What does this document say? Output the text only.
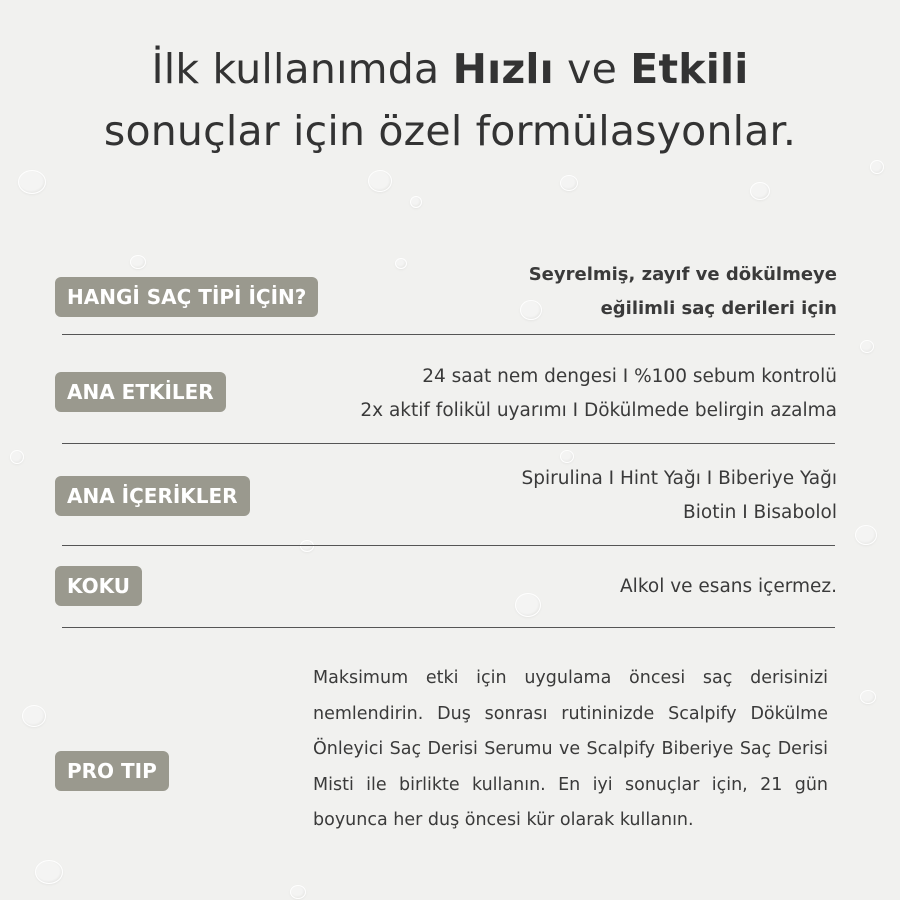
İlk kullanımda Hızlı ve Etkili
sonuçlar için özel formülasyonlar.
HANGİ SAÇ TİPİ İÇİN?
Seyrelmiş, zayıf ve dökülmeye
eğilimli saç derileri için
ANA ETKİLER
24 saat nem dengesi I %100 sebum kontrolü
2x aktif folikül uyarımı I Dökülmede belirgin azalma
ANA İÇERİKLER
Spirulina I Hint Yağı I Biberiye Yağı
Biotin I Bisabolol
KOKU	Alkol ve esans içermez.
PRO TIP
Maksimum etki için uygulama öncesi saç derisinizi nemlendirin. Duş sonrası rutininizde Scalpify Dökülme Önleyici Saç Derisi Serumu ve Scalpify Biberiye Saç Derisi Misti ile birlikte kullanın. En iyi sonuçlar için, 21 gün boyunca her duş öncesi kür olarak kullanın.
